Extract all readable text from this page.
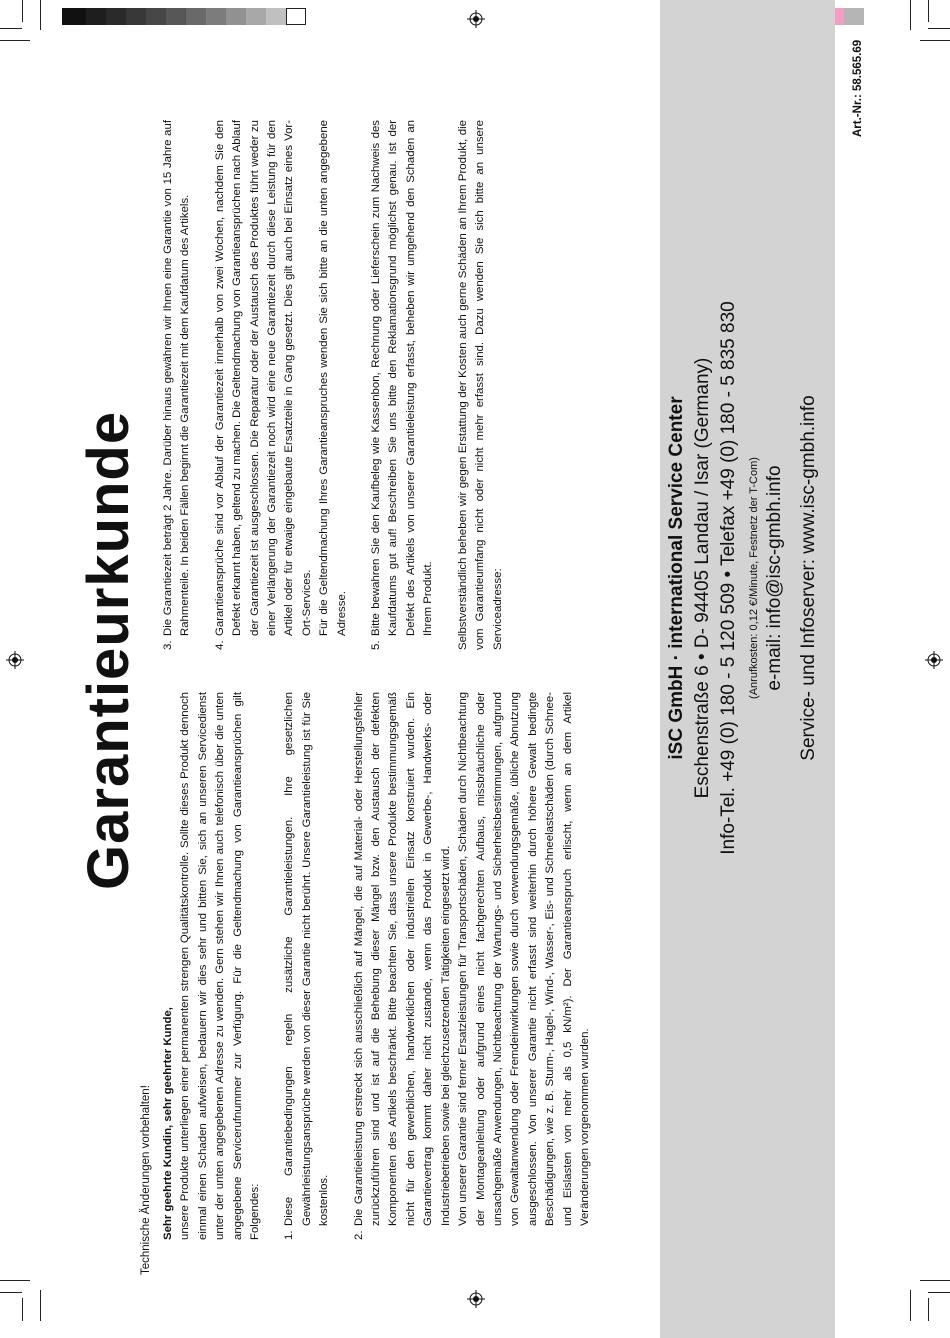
Garantieurkunde

Sehr geehrte Kundin, sehr geehrter Kunde, unsere Produkte unterliegen einer permanenten strengen Qualitätskontrolle. Sollte dieses Produkt dennoch einmal einen Schaden aufweisen, bedauern wir dies sehr und bitten Sie, sich an unseren Servicedienst unter der unten angegebenen Adresse zu wenden. Gern stehen wir Ihnen auch telefonisch über die unten angegebene Servicerufnummer zur Verfügung. Für die Geltendmachung von Garantieansprüchen gilt Folgendes: 1.
Diese Garantiebedingungen regeln zusätzliche Garantieleistungen. Ihre gesetzlichen Gewährleistungsansprüche werden von dieser Garantie nicht berührt. Unsere Garantieleistung ist für Sie kostenlos.
2.
Die Garantieleistung erstreckt sich ausschließlich auf Mängel, die auf Material- oder Herstellungsfehler zurückzuführen sind und ist auf die Behebung dieser Mängel bzw. den Austausch der defekten Komponenten des Artikels beschränkt. Bitte beachten Sie, dass unsere Produkte bestimmungsgemäß nicht für den gewerblichen, handwerklichen oder industriellen Einsatz konstruiert wurden. Ein Garantievertrag kommt daher nicht zustande, wenn das Produkt in Gewerbe-, Handwerks- oder Industriebetrieben sowie bei gleichzusetzenden Tätigkeiten eingesetzt wird. Von unserer Garantie sind ferner Ersatzleistungen für Transportschäden, Schäden durch Nichtbeachtung der Montageanleitung oder aufgrund eines nicht fachgerechten Aufbaus, missbräuchliche oder unsachgemäße Anwendungen, Nichtbeachtung der Wartungs- und Sicherheitsbestimmungen, aufgrund von Gewaltanwendung oder Fremdeinwirkungen sowie durch verwendungsgemäße, übliche Abnutzung ausgeschlossen. Von unserer Garantie nicht erfasst sind weiterhin durch höhere Gewalt bedingte Beschädigungen, wie z. B. Sturm-, Hagel-, Wind-, Wasser-, Eis- und Schneelastschäden (durch Schnee- und Eislasten von mehr als 0,5 kN/m²). Der Garantieanspruch erlischt, wenn an dem Artikel Veränderungen vorgenommen wurden.
3.
Die Garantiezeit beträgt 2 Jahre. Darüber hinaus gewähren wir Ihnen eine Garantie von 15 Jahre auf Rahmenteile. In beiden Fällen beginnt die Garantiezeit mit dem Kaufdatum des Artikels.
4.
Garantieansprüche sind vor Ablauf der Garantiezeit innerhalb von zwei Wochen, nachdem Sie den Defekt erkannt haben, geltend zu machen. Die Geltendmachung von Garantieansprüchen nach Ablauf der Garantiezeit ist ausgeschlossen. Die Reparatur oder der Austausch des Produktes führt weder zu einer Verlängerung der Garantiezeit noch wird eine neue Garantiezeit durch diese Leistung für den Artikel oder für etwaige eingebaute Ersatzteile in Gang gesetzt. Dies gilt auch bei Einsatz eines Vor-Ort-Services. Für die Geltendmachung Ihres Garantieanspruches wenden Sie sich bitte an die unten angegebene Adresse.
5.
Bitte bewahren Sie den Kaufbeleg wie Kassenbon, Rechnung oder Lieferschein zum Nachweis des Kaufdatums gut auf! Beschreiben Sie uns bitte den Reklamationsgrund möglichst genau. Ist der Defekt des Artikels von unserer Garantieleistung erfasst, beheben wir umgehend den Schaden an Ihrem Produkt. Selbstverständlich beheben wir gegen Erstattung der Kosten auch gerne Schäden an Ihrem Produkt, die vom Garantieumfang nicht oder nicht mehr erfasst sind. Dazu wenden Sie sich bitte an unsere Serviceadresse:	iSC GmbH · international Service Center Eschenstraße 6 • D- 94405 Landau / Isar (Germany) Info-Tel. +49 (0) 180 - 5 120 509 • Telefax +49 (0) 180 - 5 835 830 (Anrufkosten: 0,12 €/Minute, Festnetz der T-Com) e-mail: info@isc-gmbh.info Service- und Infoserver: www.isc-gmbh.info
Technische Änderungen vorbehalten!
Art.-Nr.: 58.565.69
